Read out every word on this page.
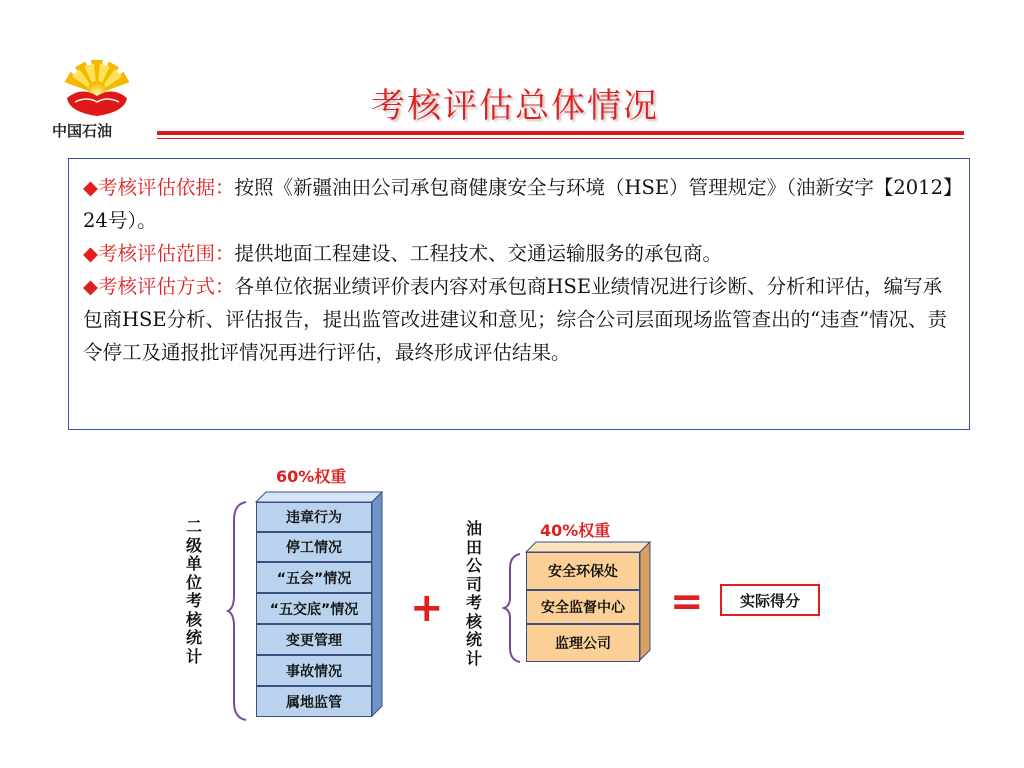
中国石油
考核评估总体情况

◆考核评估依据：按照《新疆油田公司承包商健康安全与环境（HSE）管理规定》（油新安字【2012】24号）。

◆考核评估范围：提供地面工程建设、工程技术、交通运输服务的承包商。

◆考核评估方式：各单位依据业绩评价表内容对承包商HSE业绩情况进行诊断、分析和评估，编写承包商HSE分析、评估报告，提出监管改进建议和意见；综合公司层面现场监管查出的“违查”情况、责令停工及通报批评情况再进行评估，最终形成评估结果。

60%权重
二级单位考核统计
违章行为
停工情况
“五会”情况
“五交底”情况
变更管理
事故情况
属地监管
+
油田公司考核统计
40%权重
安全环保处
安全监督中心
监理公司
=	实际得分
